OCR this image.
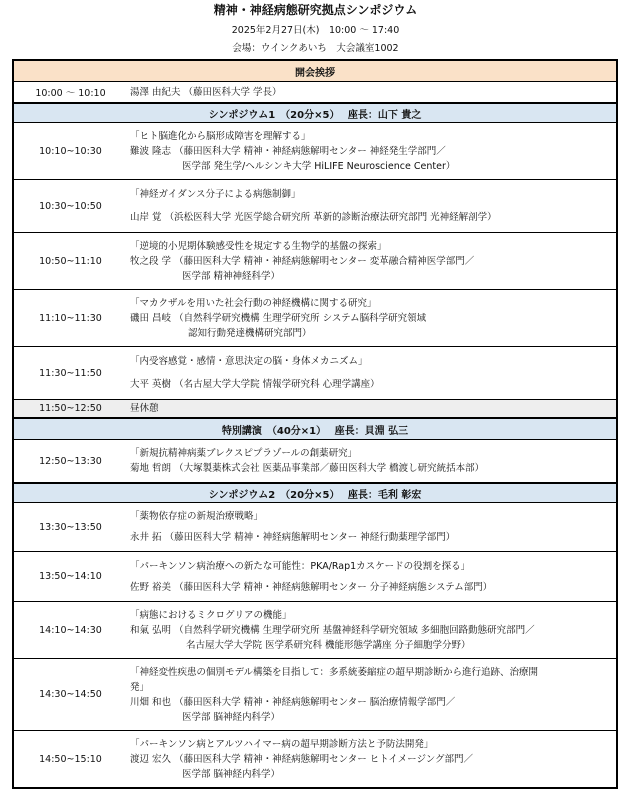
精神・神経病態研究拠点シンポジウム
2025年2月27日(木)　10:00 ～ 17:40
会場：ウインクあいち　大会議室1002
開会挨拶
10:00 ～ 10:10	湯澤 由紀夫 （藤田医科大学 学長）
シンポジウム1　（20分×5）　 座長：山下 貴之
10:10~10:30
「ヒト脳進化から脳形成障害を理解する」
難波 隆志 （藤田医科大学 精神・神経病態解明センター 神経発生学部門／
医学部 発生学/ヘルシンキ大学 HiLIFE Neuroscience Center）
10:30~10:50
「神経ガイダンス分子による病態制御」
山岸 覚 （浜松医科大学 光医学総合研究所 革新的診断治療法研究部門 光神経解剖学）
10:50~11:10
「逆境的小児期体験感受性を規定する生物学的基盤の探索」
牧之段 学 （藤田医科大学 精神・神経病態解明センター 変革融合精神医学部門／
医学部 精神神経科学）
11:10~11:30
「マカクザルを用いた社会行動の神経機構に関する研究」
磯田 昌岐 （自然科学研究機構 生理学研究所 システム脳科学研究領域
認知行動発達機構研究部門）
11:30~11:50
「内受容感覚・感情・意思決定の脳・身体メカニズム」
大平 英樹 （名古屋大学大学院 情報学研究科 心理学講座）
11:50~12:50	昼休憩
特別講演　（40分×1）　 座長：貝淵 弘三
12:50~13:30
「新規抗精神病薬ブレクスピプラゾールの創薬研究」
菊地 哲朗 （大塚製薬株式会社 医薬品事業部／藤田医科大学 橋渡し研究統括本部）
シンポジウム2　（20分×5）　 座長：毛利 彰宏
13:30~13:50
「薬物依存症の新規治療戦略」
永井 拓 （藤田医科大学 精神・神経病態解明センター 神経行動薬理学部門）
13:50~14:10
「パーキンソン病治療への新たな可能性：PKA/Rap1カスケードの役割を探る」
佐野 裕美 （藤田医科大学 精神・神経病態解明センター 分子神経病態システム部門）
14:10~14:30
「病態におけるミクログリアの機能」
和氣 弘明 （自然科学研究機構 生理学研究所 基盤神経科学研究領域 多細胞回路動態研究部門／
名古屋大学大学院 医学系研究科 機能形態学講座 分子細胞学分野）
14:30~14:50
「神経変性疾患の個別モデル構築を目指して：多系統萎縮症の超早期診断から進行追跡、治療開
発」
川畑 和也 （藤田医科大学 精神・神経病態解明センター 脳治療情報学部門／
医学部 脳神経内科学）
14:50~15:10
「パーキンソン病とアルツハイマー病の超早期診断方法と予防法開発」
渡辺 宏久 （藤田医科大学 精神・神経病態解明センター ヒトイメージング部門／
医学部 脳神経内科学）
